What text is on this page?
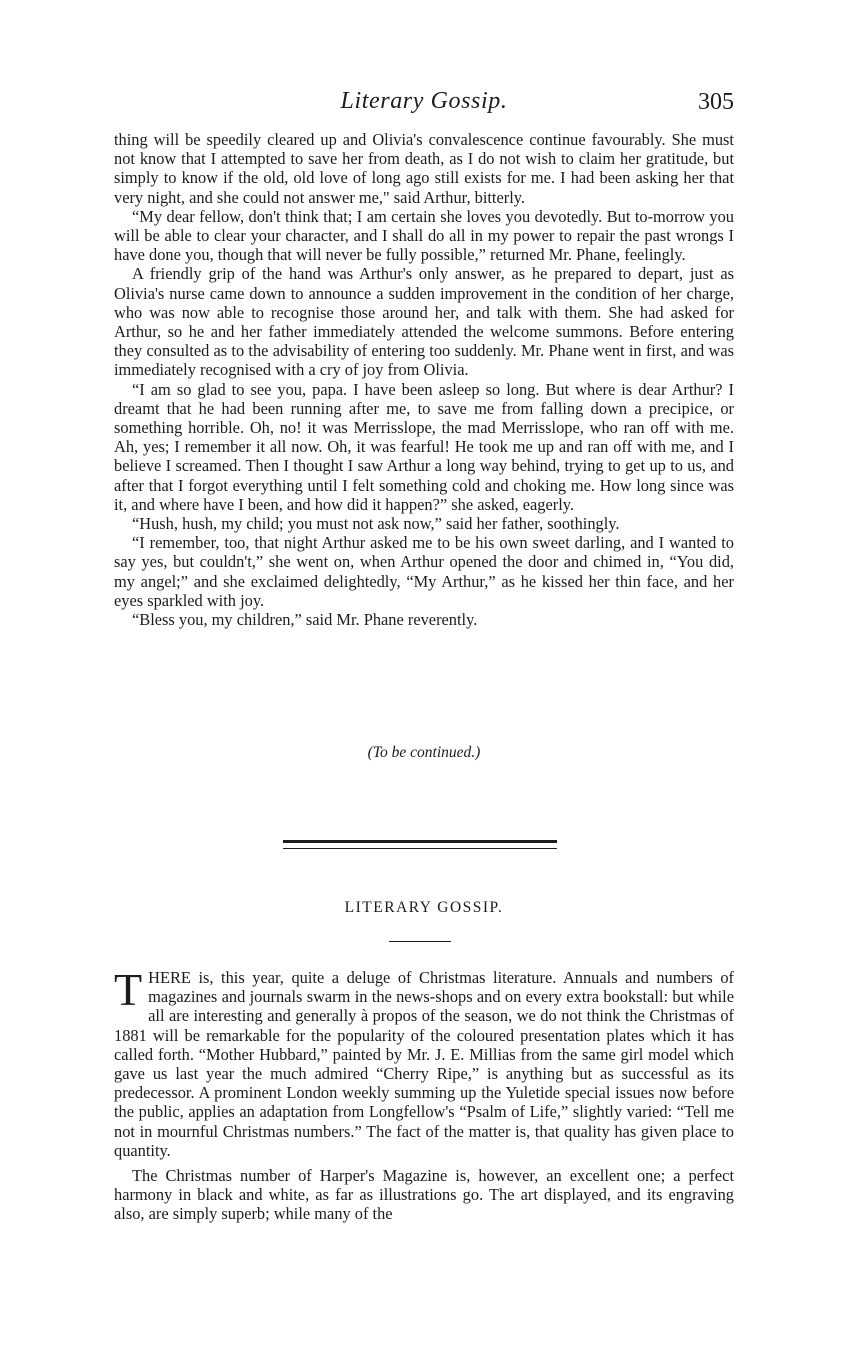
Literary Gossip.	305

thing will be speedily cleared up and Olivia's convalescence continue favourably. She must not know that I attempted to save her from death, as I do not wish to claim her gratitude, but simply to know if the old, old love of long ago still exists for me. I had been asking her that very night, and she could not answer me," said Arthur, bitterly.

“My dear fellow, don't think that; I am certain she loves you devotedly. But to-morrow you will be able to clear your character, and I shall do all in my power to repair the past wrongs I have done you, though that will never be fully possible,” returned Mr. Phane, feelingly.

A friendly grip of the hand was Arthur's only answer, as he prepared to depart, just as Olivia's nurse came down to announce a sudden improvement in the condition of her charge, who was now able to recognise those around her, and talk with them. She had asked for Arthur, so he and her father immediately attended the welcome summons. Before entering they consulted as to the advisability of entering too suddenly. Mr. Phane went in first, and was immediately recognised with a cry of joy from Olivia.

“I am so glad to see you, papa. I have been asleep so long. But where is dear Arthur? I dreamt that he had been running after me, to save me from falling down a precipice, or something horrible. Oh, no! it was Merrisslope, the mad Merrisslope, who ran off with me. Ah, yes; I remember it all now. Oh, it was fearful! He took me up and ran off with me, and I believe I screamed. Then I thought I saw Arthur a long way behind, trying to get up to us, and after that I forgot everything until I felt something cold and choking me. How long since was it, and where have I been, and how did it happen?” she asked, eagerly.

“Hush, hush, my child; you must not ask now,” said her father, soothingly.

“I remember, too, that night Arthur asked me to be his own sweet darling, and I wanted to say yes, but couldn't,” she went on, when Arthur opened the door and chimed in, “You did, my angel;” and she exclaimed delightedly, “My Arthur,” as he kissed her thin face, and her eyes sparkled with joy.

“Bless you, my children,” said Mr. Phane reverently.

(To be continued.)
LITERARY GOSSIP.

THERE is, this year, quite a deluge of Christmas literature. Annuals and numbers of magazines and journals swarm in the news-shops and on every extra bookstall: but while all are interesting and generally à propos of the season, we do not think the Christmas of 1881 will be remarkable for the popularity of the coloured presentation plates which it has called forth. “Mother Hubbard,” painted by Mr. J. E. Millias from the same girl model which gave us last year the much admired “Cherry Ripe,” is anything but as successful as its predecessor. A prominent London weekly summing up the Yuletide special issues now before the public, applies an adaptation from Longfellow's “Psalm of Life,” slightly varied: “Tell me not in mournful Christmas numbers.” The fact of the matter is, that quality has given place to quantity.

The Christmas number of Harper's Magazine is, however, an excellent one; a perfect harmony in black and white, as far as illustrations go. The art displayed, and its engraving also, are simply superb; while many of the
